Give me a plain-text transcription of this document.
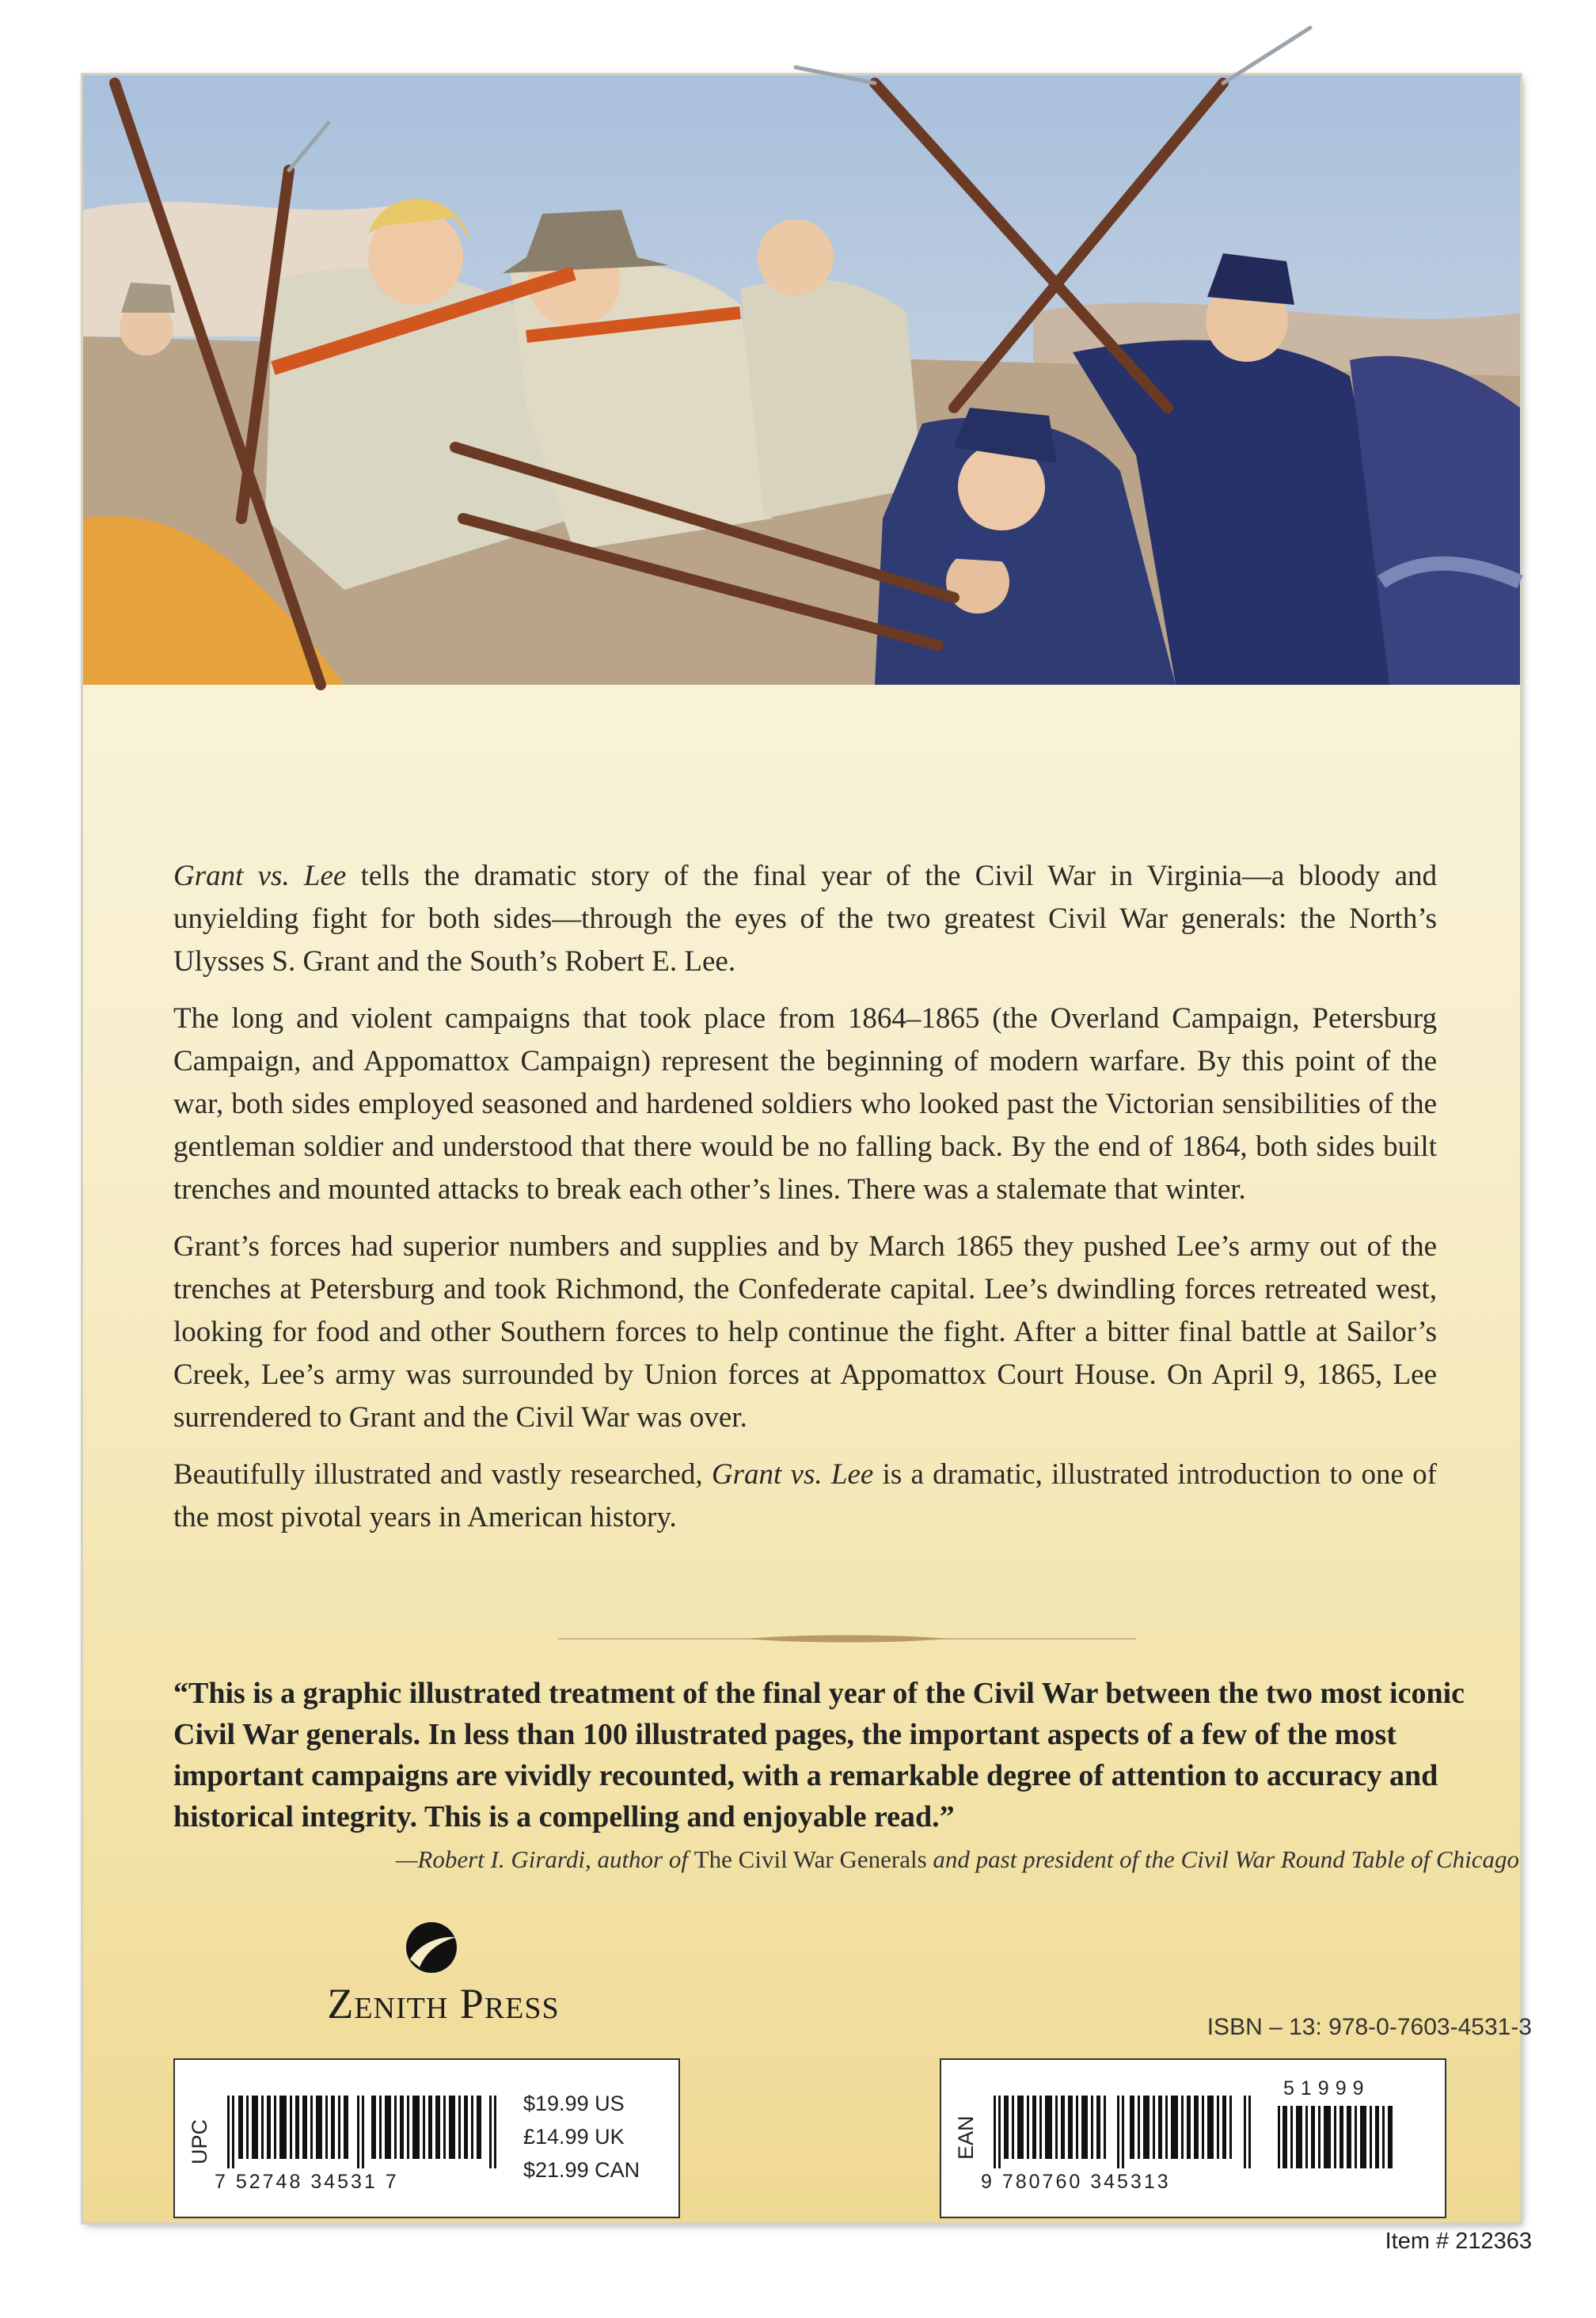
Grant vs. Lee tells the dramatic story of the final year of the Civil War in Virginia—a bloody and unyielding fight for both sides—through the eyes of the two greatest Civil War generals: the North’s Ulysses S. Grant and the South’s Robert E. Lee.

The long and violent campaigns that took place from 1864–1865 (the Overland Campaign, Petersburg Campaign, and Appomattox Campaign) represent the beginning of modern warfare. By this point of the war, both sides employed seasoned and hardened soldiers who looked past the Victorian sensibilities of the gentleman soldier and understood that there would be no falling back. By the end of 1864, both sides built trenches and mounted attacks to break each other’s lines. There was a stalemate that winter.

Grant’s forces had superior numbers and supplies and by March 1865 they pushed Lee’s army out of the trenches at Petersburg and took Richmond, the Confederate capital. Lee’s dwindling forces retreated west, looking for food and other Southern forces to help continue the fight. After a bitter final battle at Sailor’s Creek, Lee’s army was surrounded by Union forces at Appomattox Court House. On April 9, 1865, Lee surrendered to Grant and the Civil War was over.

Beautifully illustrated and vastly researched, Grant vs. Lee is a dramatic, illustrated introduction to one of the most pivotal years in American history.

“This is a graphic illustrated treatment of the final year of the Civil War between the two most iconic Civil War generals. In less than 100 illustrated pages, the important aspects of a few of the most important campaigns are vividly recounted, with a remarkable degree of attention to accuracy and historical integrity. This is a compelling and enjoyable read.”
—Robert I. Girardi, author of The Civil War Generals and past president of the Civil War Round Table of Chicago
Zenith Press	ISBN – 13: 978-0-7603-4531-3
UPC
7 52748 34531 7
$19.99 US
£14.99 UK
$21.99 CAN
EAN
51999
9 780760 345313
Item # 212363
